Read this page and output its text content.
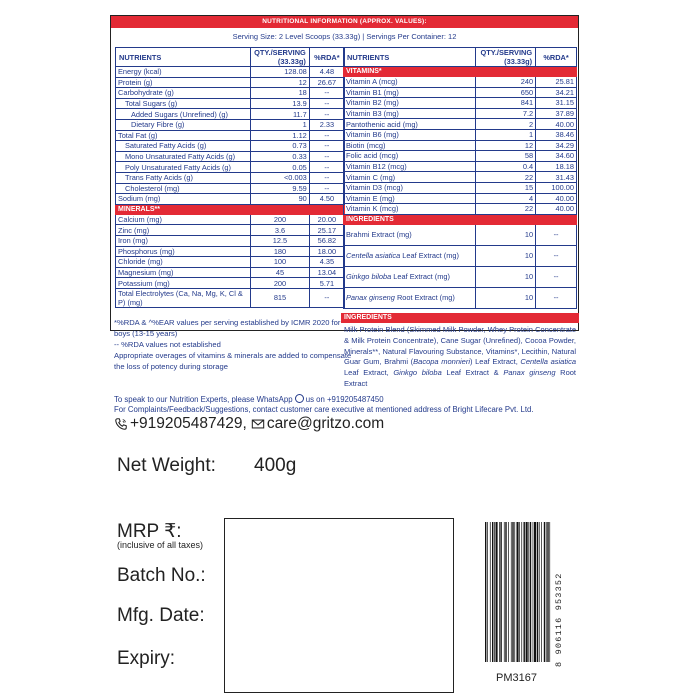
NUTRITIONAL INFORMATION (APPROX. VALUES):
Serving Size: 2 Level Scoops (33.33g) | Servings Per Container: 12
NUTRIENTS	QTY./SERVING (33.33g)	%RDA*
Energy (kcal)	128.08	4.48
Protein (g)	12	26.67
Carbohydrate (g)	18	--
Total Sugars (g)	13.9	--
Added Sugars (Unrefined) (g)	11.7	--
Dietary Fibre (g)	1	2.33
Total Fat (g)	1.12	--
Saturated Fatty Acids (g)	0.73	--
Mono Unsaturated Fatty Acids (g)	0.33	--
Poly Unsaturated Fatty Acids (g)	0.05	--
Trans Fatty Acids (g)	<0.003	--
Cholesterol (mg)	9.59	--
Sodium (mg)	90	4.50
MINERALS**		
Calcium (mg)	200	20.00
Zinc (mg)	3.6	25.17
Iron (mg)	12.5	56.82
Phosphorus (mg)	180	18.00
Chloride (mg)	100	4.35
Magnesium (mg)	45	13.04
Potassium (mg)	200	5.71
Total Electrolytes (Ca, Na, Mg, K, Cl & P) (mg)	815	--
NUTRIENTS	QTY./SERVING (33.33g)	%RDA*
VITAMINS*		
Vitamin A (mcg)	240	25.81
Vitamin B1 (mg)	650	34.21
Vitamin B2 (mg)	841	31.15
Vitamin B3 (mg)	7.2	37.89
Pantothenic acid (mg)	2	40.00
Vitamin B6 (mg)	1	38.46
Biotin (mcg)	12	34.29
Folic acid (mcg)	58	34.60
Vitamin B12 (mcg)	0.4	18.18
Vitamin C (mg)	22	31.43
Vitamin D3 (mcg)	15	100.00
Vitamin E (mg)	4	40.00
Vitamin K (mcg)	22	40.00
INGREDIENTS		
Brahmi Extract (mg)	10	--
Centella asiatica Leaf Extract (mg)	10	--
Ginkgo biloba Leaf Extract (mg)	10	--
Panax ginseng Root Extract (mg)	10	--
*%RDA & ^%EAR values per serving established by ICMR 2020 for boys (13-15 years)
-- %RDA values not established
Appropriate overages of vitamins & minerals are added to compensate the loss of potency during storage
INGREDIENTS
Milk Protein Blend (Skimmed Milk Powder, Whey Protein Concentrate & Milk Protein Concentrate), Cane Sugar (Unrefined), Cocoa Powder, Minerals**, Natural Flavouring Substance, Vitamins*, Lecithin, Natural Guar Gum, Brahmi (Bacopa monnieri) Leaf Extract, Centella asiatica Leaf Extract, Ginkgo biloba Leaf Extract & Panax ginseng Root Extract
To speak to our Nutrition Experts, please WhatsApp us on +919205487450
For Complaints/Feedback/Suggestions, contact customer care executive at mentioned address of Bright Lifecare Pvt. Ltd.
+919205487429, care@gritzo.com
Net Weight: 400g
MRP ₹:
(inclusive of all taxes)
Batch No.:
Mfg. Date:
Expiry:	8 906116 953352
PM3167
